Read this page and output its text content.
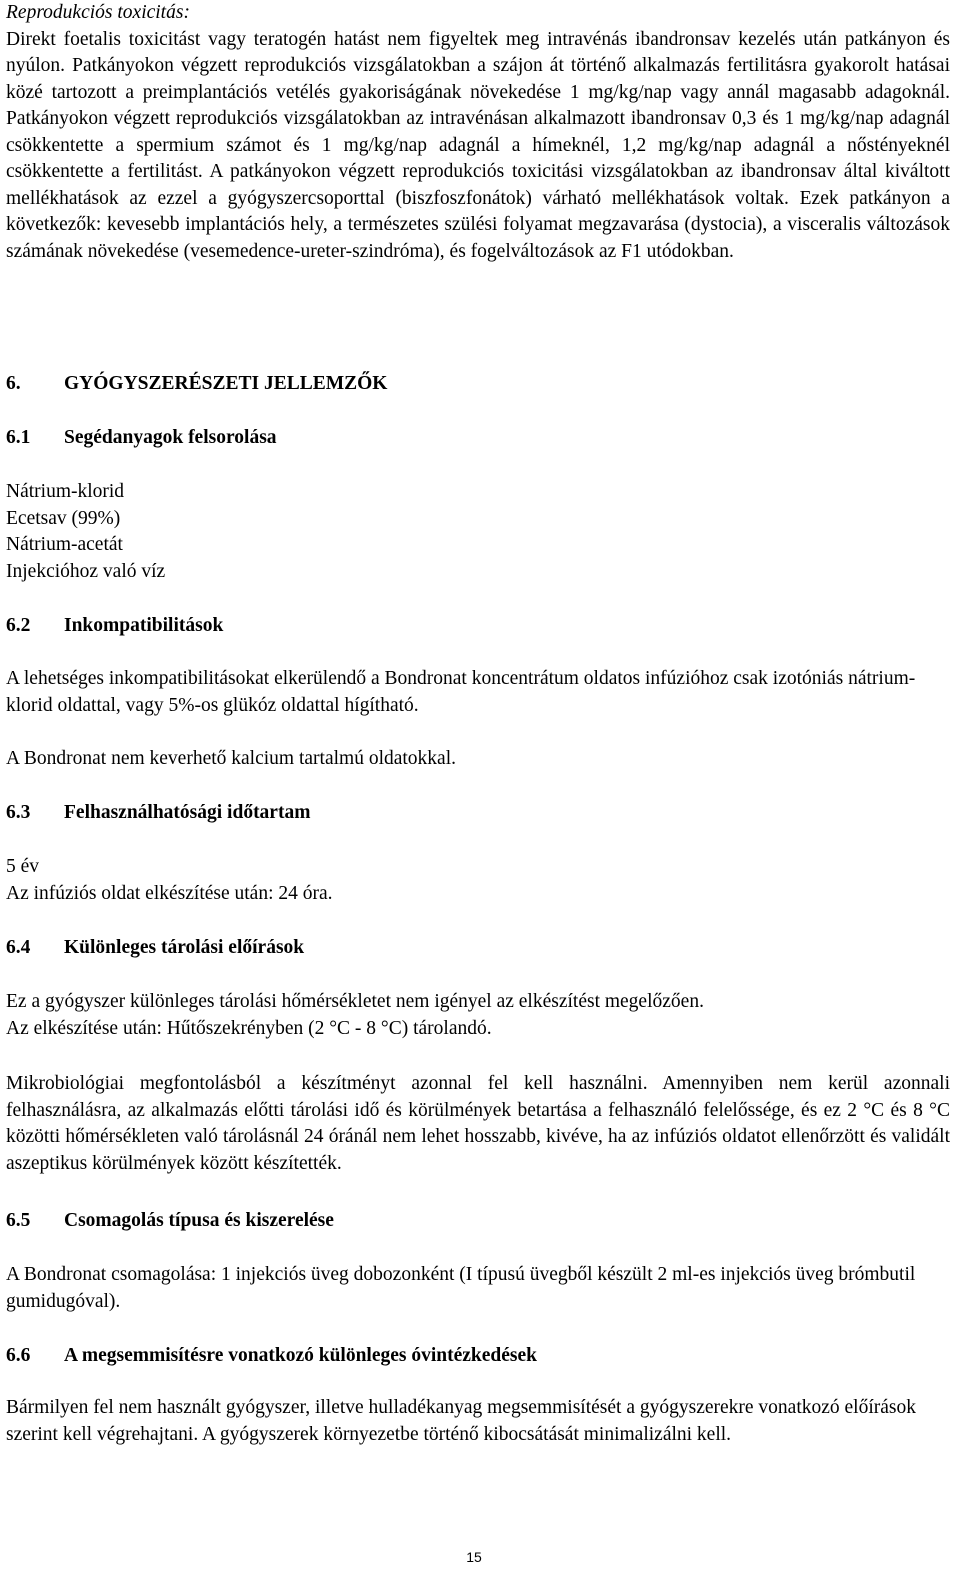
Reprodukciós toxicitás:

Direkt foetalis toxicitást vagy teratogén hatást nem figyeltek meg intravénás ibandronsav kezelés után patkányon és nyúlon. Patkányokon végzett reprodukciós vizsgálatokban a szájon át történő alkalmazás fertilitásra gyakorolt hatásai közé tartozott a preimplantációs vetélés gyakoriságának növekedése 1 mg/kg/nap vagy annál magasabb adagoknál. Patkányokon végzett reprodukciós vizsgálatokban az intravénásan alkalmazott ibandronsav 0,3 és 1 mg/kg/nap adagnál csökkentette a spermium számot és 1 mg/kg/nap adagnál a hímeknél, 1,2 mg/kg/nap adagnál a nőstényeknél csökkentette a fertilitást. A patkányokon végzett reprodukciós toxicitási vizsgálatokban az ibandronsav által kiváltott mellékhatások az ezzel a gyógyszercsoporttal (biszfoszfonátok) várható mellékhatások voltak. Ezek patkányon a következők: kevesebb implantációs hely, a természetes szülési folyamat megzavarása (dystocia), a visceralis változások számának növekedése (vesemedence-ureter-szindróma), és fogelváltozások az F1 utódokban.

6. GYÓGYSZERÉSZETI JELLEMZŐK
6.1 Segédanyagok felsorolása

Nátrium-klorid

Ecetsav (99%)

Nátrium-acetát

Injekcióhoz való víz

6.2 Inkompatibilitások

A lehetséges inkompatibilitásokat elkerülendő a Bondronat koncentrátum oldatos infúzióhoz csak izotóniás nátrium-klorid oldattal, vagy 5%-os glükóz oldattal hígítható.

A Bondronat nem keverhető kalcium tartalmú oldatokkal.

6.3 Felhasználhatósági időtartam

5 év

Az infúziós oldat elkészítése után: 24 óra.

6.4 Különleges tárolási előírások

Ez a gyógyszer különleges tárolási hőmérsékletet nem igényel az elkészítést megelőzően.

Az elkészítése után: Hűtőszekrényben (2 °C - 8 °C) tárolandó.

Mikrobiológiai megfontolásból a készítményt azonnal fel kell használni. Amennyiben nem kerül azonnali felhasználásra, az alkalmazás előtti tárolási idő és körülmények betartása a felhasználó felelőssége, és ez 2 °C és 8 °C közötti hőmérsékleten való tárolásnál 24 óránál nem lehet hosszabb, kivéve, ha az infúziós oldatot ellenőrzött és validált aszeptikus körülmények között készítették.

6.5 Csomagolás típusa és kiszerelése

A Bondronat csomagolása: 1 injekciós üveg dobozonként (I típusú üvegből készült 2 ml-es injekciós üveg brómbutil gumidugóval).

6.6 A megsemmisítésre vonatkozó különleges óvintézkedések

Bármilyen fel nem használt gyógyszer, illetve hulladékanyag megsemmisítését a gyógyszerekre vonatkozó előírások szerint kell végrehajtani. A gyógyszerek környezetbe történő kibocsátását minimalizálni kell.

15
